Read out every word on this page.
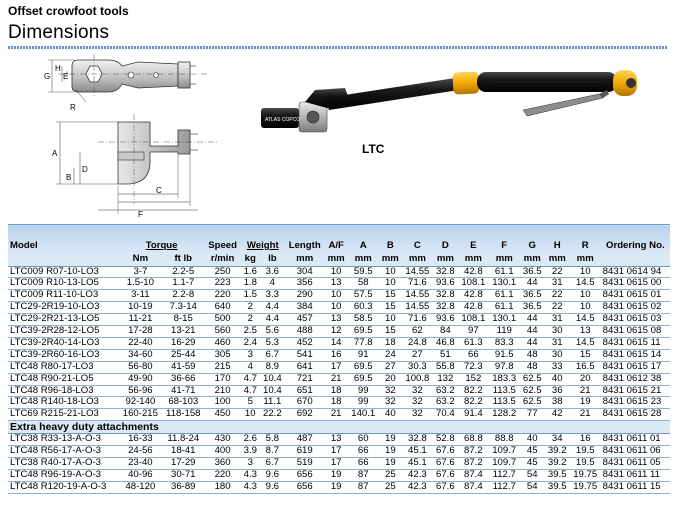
Offset crowfoot tools
Dimensions
G
H
E
R
A
D
B
C
F
ATLAS COPCO
LTC
Model	Torque		Speed	Weight		Length	A/F	A	B	C	D	E	F	G	H	R	Ordering No.
	Nm	ft lb	r/min	kg	lb	mm	mm	mm	mm	mm	mm	mm	mm	mm	mm	mm	
LTC009 R07-10-LO3	3-7	2.2-5	250	1.6	3.6	304	10	59.5	10	14.55	32.8	42.8	61.1	36.5	22	10	8431 0614 94
LTC009 R10-13-LO5	1.5-10	1.1-7	223	1.8	4	356	13	58	10	71.6	93.6	108.1	130.1	44	31	14.5	8431 0615 00
LTC009 R11-10-LO3	3-11	2.2-8	220	1.5	3.3	290	10	57.5	15	14.55	32.8	42.8	61.1	36.5	22	10	8431 0615 01
LTC29-2R19-10-LO3	10-19	7.3-14	640	2	4.4	384	10	60.3	15	14.55	32.8	42.8	61.1	36.5	22	10	8431 0615 02
LTC29-2R21-13-LO5	11-21	8-15	500	2	4.4	457	13	58.5	10	71.6	93.6	108.1	130.1	44	31	14.5	8431 0615 03
LTC39-2R28-12-LO5	17-28	13-21	560	2.5	5.6	488	12	69.5	15	62	84	97	119	44	30	13	8431 0615 08
LTC39-2R40-14-LO3	22-40	16-29	460	2.4	5.3	452	14	77.8	18	24.8	46.8	61.3	83.3	44	31	14.5	8431 0615 11
LTC39-2R60-16-LO3	34-60	25-44	305	3	6.7	541	16	91	24	27	51	66	91.5	48	30	15	8431 0615 14
LTC48 R80-17-LO3	56-80	41-59	215	4	8.9	641	17	69.5	27	30.3	55.8	72.3	97.8	48	33	16.5	8431 0615 17
LTC48 R90-21-LO5	49-90	36-66	170	4.7	10.4	721	21	69.5	20	100.8	132	152	183.3	62.5	40	20	8431 0612 38
LTC48 R96-18-LO3	56-96	41-71	210	4.7	10.4	651	18	99	32	32	63.2	82.2	113.5	62.5	36	21	8431 0615 21
LTC48 R140-18-LO3	92-140	68-103	100	5	11.1	670	18	99	32	32	63.2	82.2	113.5	62.5	38	19	8431 0615 23
LTC69 R215-21-LO3	160-215	118-158	450	10	22.2	692	21	140.1	40	32	70.4	91.4	128.2	77	42	21	8431 0615 28
Extra heavy duty attachments																	
LTC38 R33-13-A-O-3	16-33	11.8-24	430	2.6	5.8	487	13	60	19	32.8	52.8	68.8	88.8	40	34	16	8431 0611 01
LTC48 R56-17-A-O-3	24-56	18-41	400	3.9	8.7	619	17	66	19	45.1	67.6	87.2	109.7	45	39.2	19.5	8431 0611 06
LTC38 R40-17-A-O-3	23-40	17-29	360	3	6.7	519	17	66	19	45.1	67.6	87.2	109.7	45	39.2	19.5	8431 0611 05
LTC48 R96-19-A-O-3	40-96	30-71	220	4.3	9.6	656	19	87	25	42.3	67.6	87.4	112.7	54	39.5	19.75	8431 0611 11
LTC48 R120-19-A-O-3	48-120	36-89	180	4.3	9.6	656	19	87	25	42.3	67.6	87.4	112.7	54	39.5	19.75	8431 0611 15
